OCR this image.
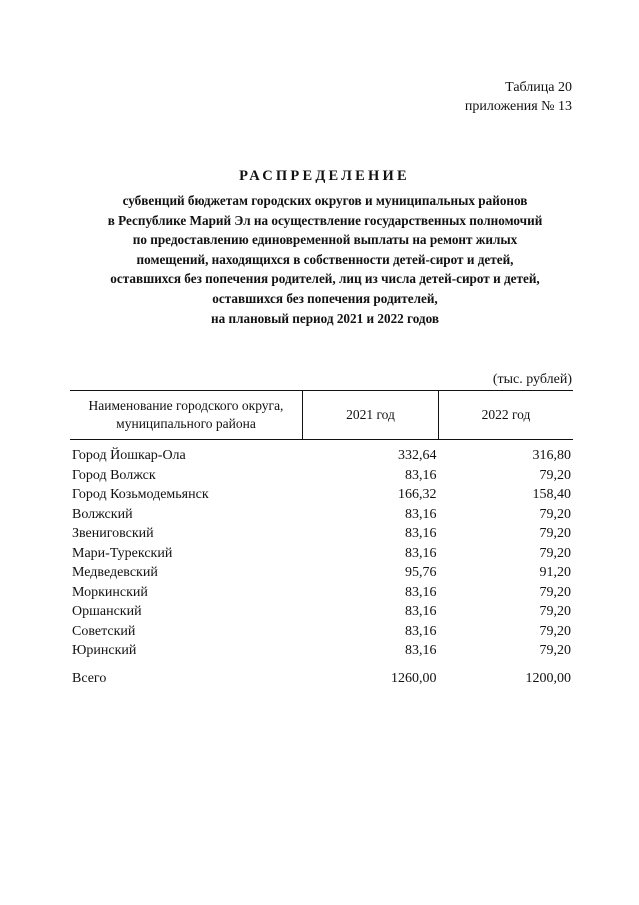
Таблица 20
приложения № 13
РАСПРЕДЕЛЕНИЕ
субвенций бюджетам городских округов и муниципальных районов
в Республике Марий Эл на осуществление государственных полномочий
по предоставлению единовременной выплаты на ремонт жилых
помещений, находящихся в собственности детей-сирот и детей,
оставшихся без попечения родителей, лиц из числа детей-сирот и детей,
оставшихся без попечения родителей,
на плановый период 2021 и 2022 годов
(тыс. рублей)
Наименование городского округа,
муниципального района	2021 год	2022 год
Город Йошкар-Ола	332,64	316,80
Город Волжск	83,16	79,20
Город Козьмодемьянск	166,32	158,40
Волжский	83,16	79,20
Звениговский	83,16	79,20
Мари-Турекский	83,16	79,20
Медведевский	95,76	91,20
Моркинский	83,16	79,20
Оршанский	83,16	79,20
Советский	83,16	79,20
Юринский	83,16	79,20
Всего	1260,00	1200,00
